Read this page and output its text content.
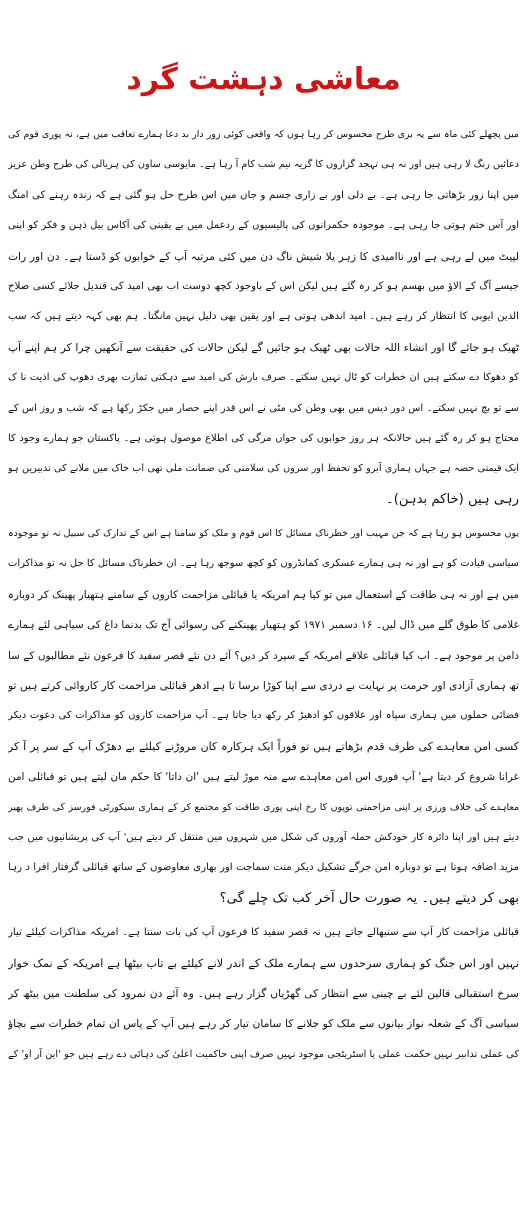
معاشی دہشت گرد
میں پچھلے کئی ماہ سے یہ بری طرح محسوس کر رہا ہوں کہ واقعی کوئی زور دار بد دعا ہمارے تعاقب میں ہے، نہ پوری قوم کی
دعائیں رنگ لا رہی ہیں اور نہ ہی تہجد گزاروں کا گریہ نیم شب کام آ رہا ہے۔ مایوسی ساون کی ہریالی کی طرح وطن عزیز
میں اپنا زور بڑھاتی جا رہی ہے۔ بے دلی اور بے زاری جسم و جاں میں اس طرح حل ہو گئی ہے کہ زندہ رہنے کی امنگ
اور آس ختم ہوتی جا رہی ہے۔ موجودہ حکمرانوں کی پالیسیوں کے ردعمل میں بے یقینی کی آکاس بیل ذہن و فکر کو اپنی
لپیٹ میں لے رہی ہے اور ناامیدی کا زہر یلا شیش ناگ دن میں کئی مرتبہ آپ کے خوابوں کو ڈستا ہے۔ دن اور رات
جیسے آگ کے الاؤ میں بھسم ہو کر رہ گئے ہیں لیکن اس کے باوجود کچھ دوست اب بھی امید کی قندیل جلائے کسی صلاح
الدین ایوبی کا انتظار کر رہے ہیں۔ امید اندھی ہوتی ہے اور یقین بھی دلیل نہیں مانگتا۔ ہم بھی کہہ دیتے ہیں کہ سب
ٹھیک ہو جائے گا اور انشاء اللہ حالات بھی ٹھیک ہو جائیں گے لیکن حالات کی حقیقت سے آنکھیں چرا کر ہم اپنے آپ
کو دھوکا دے سکتے ہیں ان خطرات کو ٹال نہیں سکتے۔ صرف بارش کی امید سے دہکتی تمازت بھری دھوپ کی اذیت نا ک
سے تو بچ نہیں سکتے۔ اس دور دیس میں بھی وطن کی مٹی نے اس قدر اپنے حصار میں جکڑ رکھا ہے کہ شب و روز اس کے
محتاج ہو کر رہ گئے ہیں حالانکہ ہر روز خوابوں کی جواں مرگی کی اطلاع موصول ہوتی ہے۔ پاکستان جو ہمارے وجود کا
ایک قیمتی حصہ ہے جہاں ہماری آبرو کو تحفظ اور سروں کی سلامتی کی ضمانت ملی تھی اب خاک میں ملانے کی تدبیریں ہو
رہی ہیں (خاکم بدہن)۔
یوں محسوس ہو رہا ہے کہ جن مہیب اور خطرناک مسائل کا اس قوم و ملک کو سامنا ہے اس کے تدارک کی سبیل نہ تو موجودہ
سیاسی قیادت کو ہے اور نہ ہی ہمارے عسکری کمانڈروں کو کچھ سوجھ رہا ہے۔ ان خطرناک مسائل کا حل نہ تو مذاکرات
میں ہے اور نہ ہی طاقت کے استعمال میں تو کیا ہم امریکہ یا قبائلی مزاحمت کاروں کے سامنے ہتھیار پھینک کر دوبارہ
غلامی کا طوق گلے میں ڈال لیں۔ ۱۶ دسمبر ۱۹۷۱ کو ہتھیار پھینکنے کی رسوائی آج تک بدنما داغ کی سیاہی لئے ہمارے
دامن پر موجود ہے۔ اب کیا قبائلی علاقے امریکہ کے سپرد کر دیں؟ آئے دن نئے قصر سفید کا فرعون نئے مطالبوں کے سا
تھ ہماری آزادی اور حرمت پر نہایت بے دردی سے اپنا کوڑا برسا تا ہے ادھر قبائلی مزاحمت کار کاروائی کرتے ہیں تو
فضائی حملوں میں ہماری سپاہ اور علاقوں کو ادھیڑ کر رکھ دیا جاتا ہے۔ آپ مزاحمت کاروں کو مذاکرات کی دعوت دیکر
کسی امن معاہدے کی طرف قدم بڑھاتے ہیں تو فوراً ایک ہرکارہ کان مروڑنے کیلئے بے دھڑک آپ کے سر پر آ کر
غرانا شروع کر دیتا ہے' آپ فوری اس امن معاہدے سے منہ موڑ لیتے ہیں 'ان داتا' کا حکم مان لیتے ہیں تو قبائلی امن
معاہدے کی خلاف ورزی پر اپنی مزاحمتی توپوں کا رخ اپنی پوری طاقت کو مجتمع کر کے ہماری سیکورٹی فورسز کی طرف پھیر
دیتے ہیں اور اپنا دائرہ کار خودکش حملہ آوروں کی شکل میں شہروں میں منتقل کر دیتے ہیں' آپ کی پریشانیوں میں جب
مزید اضافہ ہوتا ہے تو دوبارہ امن جرگے تشکیل دیکر منت سماجت اور بھاری معاوضوں کے ساتھ قبائلی گرفتار افرا د رہا
بھی کر دیتے ہیں۔ یہ صورت حال آخر کب تک چلے گی؟
قبائلی مزاحمت کار آپ سے سنبھالے جاتے ہیں نہ قصر سفید کا فرعون آپ کی بات سنتا ہے۔ امریکہ مذاکرات کیلئے تیار
نہیں اور اس جنگ کو ہماری سرحدوں سے ہمارے ملک کے اندر لانے کیلئے بے تاب بیٹھا ہے امریکہ کے نمک خوار
سرخ استقبالی قالین لئے بے چینی سے انتظار کی گھڑیاں گزار رہے ہیں۔ وہ آئے دن نمرود کی سلطنت میں بیٹھ کر
سیاسی آگ کے شعلہ نواز بیانوں سے ملک کو جلانے کا سامان تیار کر رہے ہیں آپ کے پاس ان تمام خطرات سے بچاؤ
کی عملی تدابیر نہیں حکمت عملی یا اسٹریٹجی موجود نہیں صرف اپنی حاکمیت اعلیٰ کی دہائی دے رہے ہیں جو 'این آر او' کے
